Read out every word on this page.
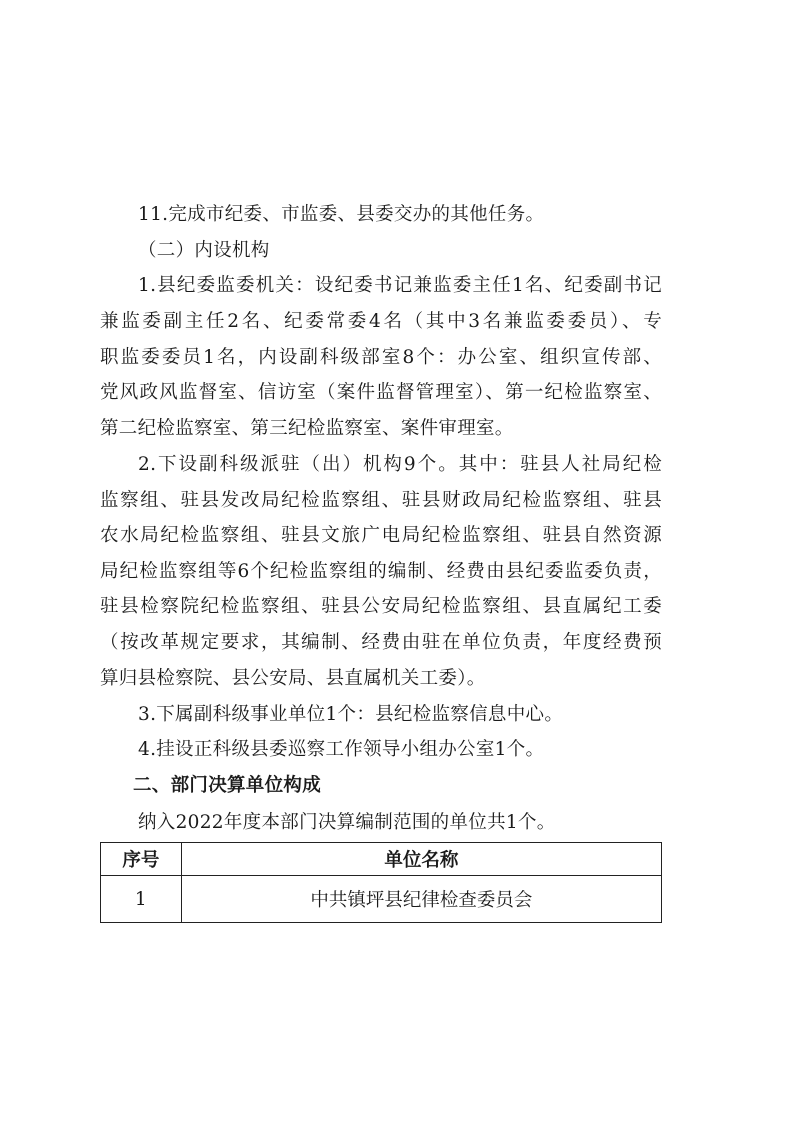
11.完成市纪委、市监委、县委交办的其他任务。
（二）内设机构
1.县纪委监委机关：设纪委书记兼监委主任1名、纪委副书记
兼监委副主任2名、纪委常委4名（其中3名兼监委委员）、专
职监委委员1名，内设副科级部室8个：办公室、组织宣传部、
党风政风监督室、信访室（案件监督管理室）、第一纪检监察室、
第二纪检监察室、第三纪检监察室、案件审理室。
2.下设副科级派驻（出）机构9个。其中：驻县人社局纪检
监察组、驻县发改局纪检监察组、驻县财政局纪检监察组、驻县
农水局纪检监察组、驻县文旅广电局纪检监察组、驻县自然资源
局纪检监察组等6个纪检监察组的编制、经费由县纪委监委负责，
驻县检察院纪检监察组、驻县公安局纪检监察组、县直属纪工委
（按改革规定要求，其编制、经费由驻在单位负责，年度经费预
算归县检察院、县公安局、县直属机关工委）。
3.下属副科级事业单位1个：县纪检监察信息中心。
4.挂设正科级县委巡察工作领导小组办公室1个。
二、部门决算单位构成
纳入2022年度本部门决算编制范围的单位共1个。
序号	单位名称
1	中共镇坪县纪律检查委员会
